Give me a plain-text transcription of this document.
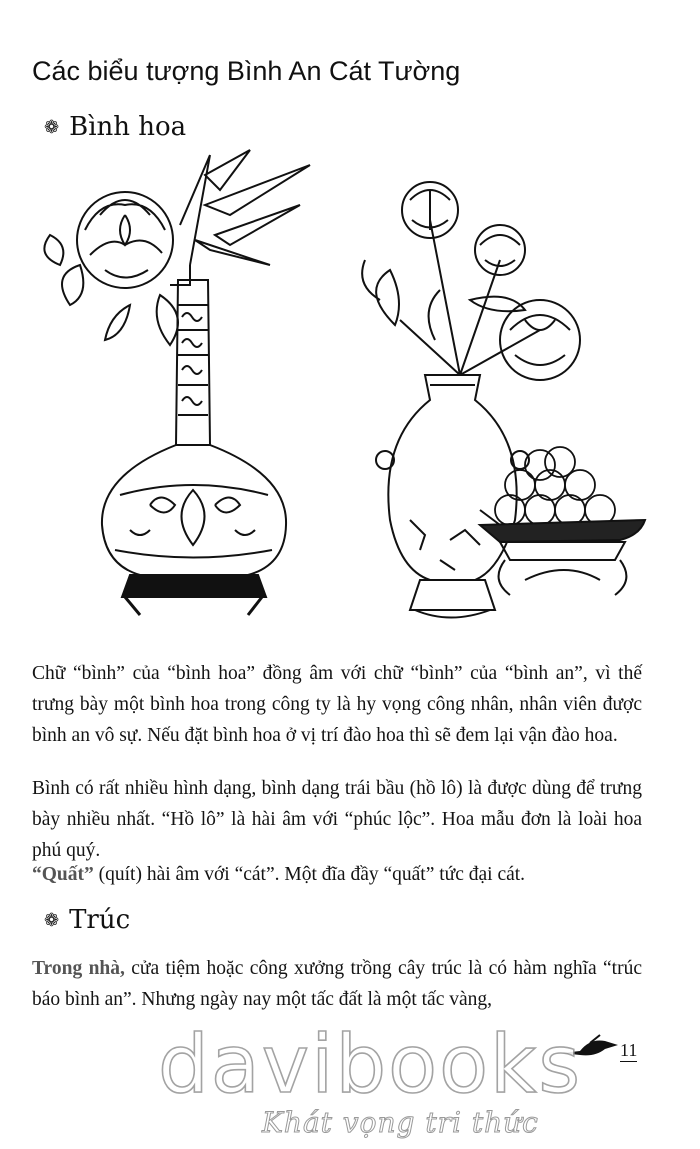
Các biểu tượng Bình An Cát Tường
❁ Bình hoa

Chữ “bình” của “bình hoa” đồng âm với chữ “bình” của “bình an”, vì thế trưng bày một bình hoa trong công ty là hy vọng công nhân, nhân viên được bình an vô sự. Nếu đặt bình hoa ở vị trí đào hoa thì sẽ đem lại vận đào hoa.

Bình có rất nhiều hình dạng, bình dạng trái bầu (hồ lô) là được dùng để trưng bày nhiều nhất. “Hồ lô” là hài âm với “phúc lộc”. Hoa mẫu đơn là loài hoa phú quý.

“Quất” (quít) hài âm với “cát”. Một đĩa đầy “quất” tức đại cát.

❁ Trúc

Trong nhà, cửa tiệm hoặc công xưởng trồng cây trúc là có hàm nghĩa “trúc báo bình an”. Nhưng ngày nay một tấc đất là một tấc vàng,

11
davibooks
Khát vọng tri thức
